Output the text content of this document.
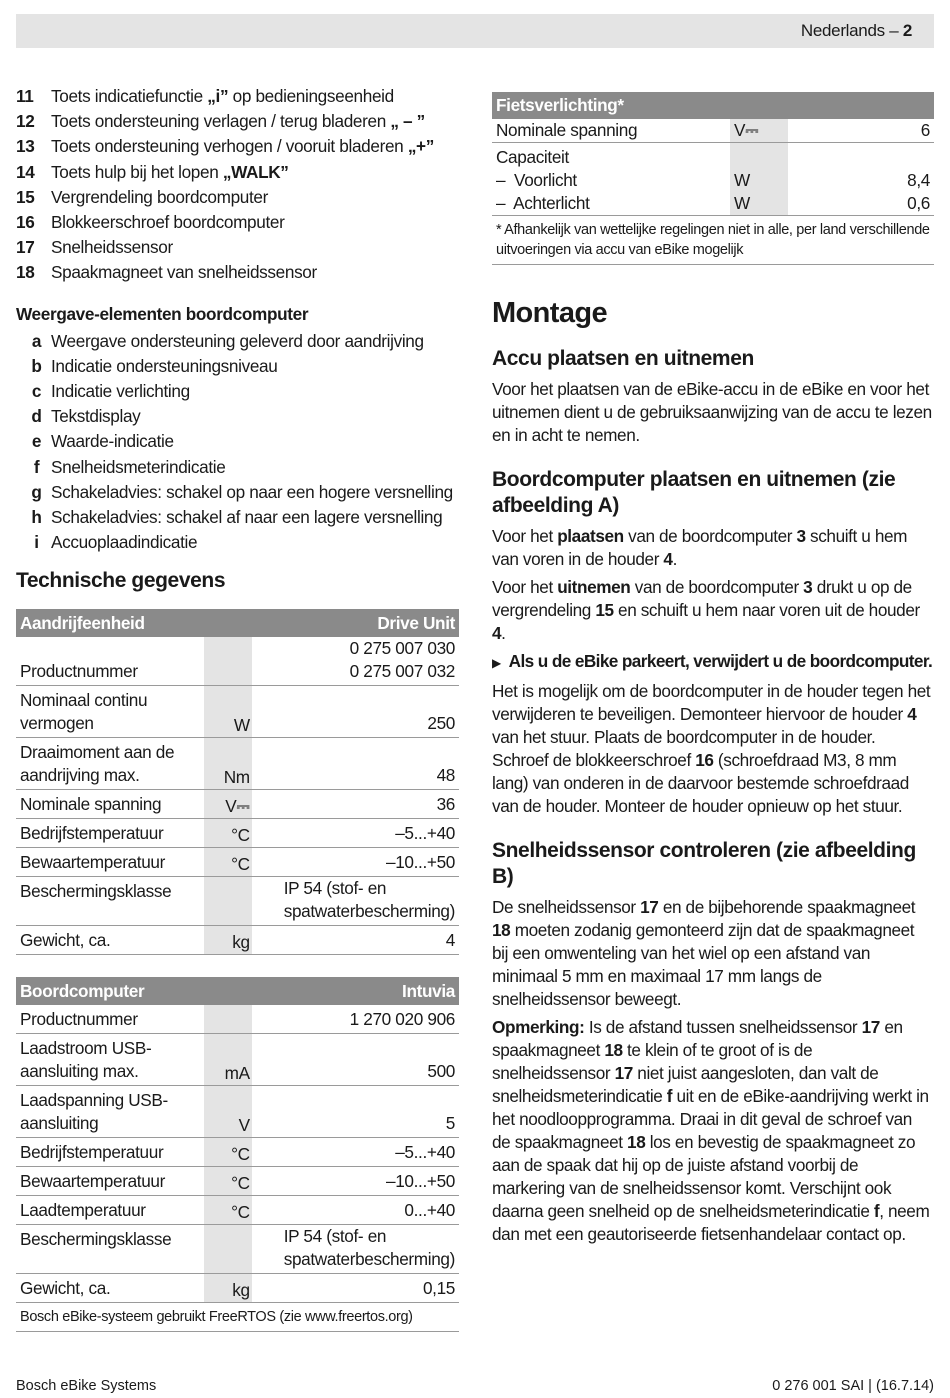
Nederlands – 2
11	Toets indicatiefunctie „i” op bedieningseenheid
12 Toets ondersteuning verlagen / terug bladeren „ – ”
13 Toets ondersteuning verhogen / vooruit bladeren „+”
14 Toets hulp bij het lopen „WALK”
15 Vergrendeling boordcomputer
16 Blokkeerschroef boordcomputer
17 Snelheidssensor
18 Spaakmagneet van snelheidssensor
Weergave-elementen boordcomputer
a Weergave ondersteuning geleverd door aandrijving
b Indicatie ondersteuningsniveau
c Indicatie verlichting
d Tekstdisplay
e Waarde-indicatie
f Snelheidsmeterindicatie
g Schakeladvies: schakel op naar een hogere versnelling
h Schakeladvies: schakel af naar een lagere versnelling
i Accuoplaadindicatie
Technische gegevens
Aandrijfeenheid		Drive Unit
Productnummer		0 275 007 030
0 275 007 032
Nominaal continu vermogen	W	250
Draaimoment aan de aandrijving max.	Nm	48
Nominale spanning	V⎓	36
Bedrijfstemperatuur	°C	–5...+40
Bewaartemperatuur	°C	–10...+50
Beschermingsklasse		IP 54 (stof- en spatwaterbescherming)
Gewicht, ca.	kg	4
Boordcomputer		Intuvia
Productnummer		1 270 020 906
Laadstroom USB-aansluiting max.	mA	500
Laadspanning USB-aansluiting	V	5
Bedrijfstemperatuur	°C	–5...+40
Bewaartemperatuur	°C	–10...+50
Laadtemperatuur	°C	0...+40
Beschermingsklasse		IP 54 (stof- en spatwaterbescherming)
Gewicht, ca.	kg	0,15
Bosch eBike-systeem gebruikt FreeRTOS (zie www.freertos.org)		
Fietsverlichting*		
Nominale spanning	V⎓	6
Capaciteit		
–  Voorlicht	W	8,4
–  Achterlicht	W	0,6
* Afhankelijk van wettelijke regelingen niet in alle, per land verschillende uitvoeringen via accu van eBike mogelijk		
Montage
Accu plaatsen en uitnemen

Voor het plaatsen van de eBike-accu in de eBike en voor het uitnemen dient u de gebruiksaanwijzing van de accu te lezen en in acht te nemen.

Boordcomputer plaatsen en uitnemen (zie afbeelding A)

Voor het plaatsen van de boordcomputer 3 schuift u hem van voren in de houder 4.

Voor het uitnemen van de boordcomputer 3 drukt u op de vergrendeling 15 en schuift u hem naar voren uit de houder 4.

▶ Als u de eBike parkeert, verwijdert u de boordcomputer.

Het is mogelijk om de boordcomputer in de houder tegen het verwijderen te beveiligen. Demonteer hiervoor de houder 4 van het stuur. Plaats de boordcomputer in de houder. Schroef de blokkeerschroef 16 (schroefdraad M3, 8 mm lang) van onderen in de daarvoor bestemde schroefdraad van de houder. Monteer de houder opnieuw op het stuur.

Snelheidssensor controleren (zie afbeelding B)

De snelheidssensor 17 en de bijbehorende spaakmagneet 18 moeten zodanig gemonteerd zijn dat de spaakmagneet bij een omwenteling van het wiel op een afstand van minimaal 5 mm en maximaal 17 mm langs de snelheidssensor beweegt.

Opmerking: Is de afstand tussen snelheidssensor 17 en spaakmagneet 18 te klein of te groot of is de snelheidssensor 17 niet juist aangesloten, dan valt de snelheidsmeterindicatie f uit en de eBike-aandrijving werkt in het noodloopprogramma. Draai in dit geval de schroef van de spaakmagneet 18 los en bevestig de spaakmagneet zo aan de spaak dat hij op de juiste afstand voorbij de markering van de snelheidssensor komt. Verschijnt ook daarna geen snelheid op de snelheidsmeterindicatie f, neem dan met een geautoriseerde fietsenhandelaar contact op.

Bosch eBike Systems	0 276 001 SAI | (16.7.14)
